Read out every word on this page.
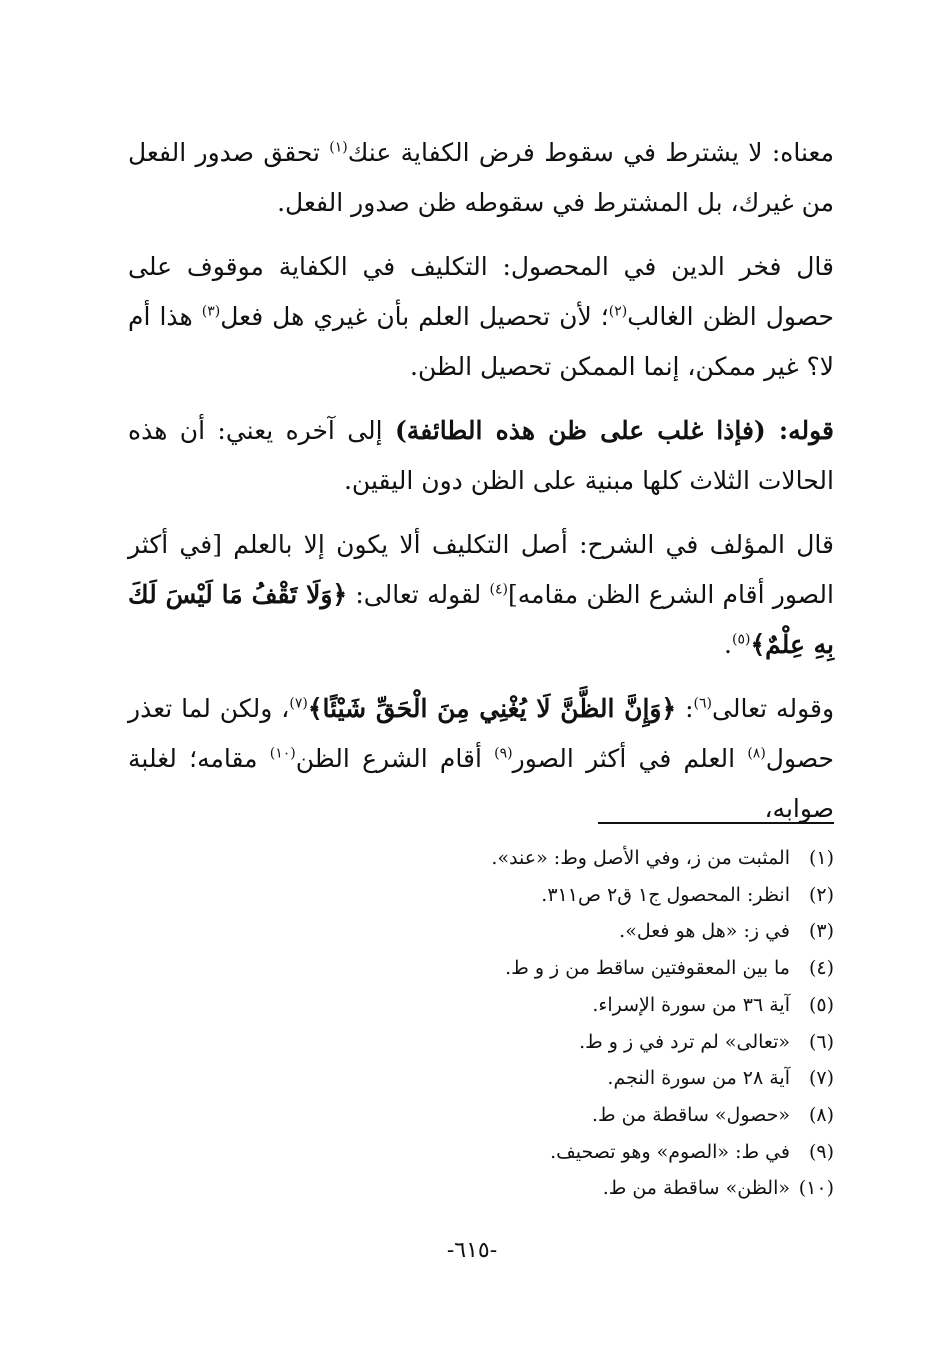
معناه: لا يشترط في سقوط فرض الكفاية عنك$^{(١)}$ تحقق صدور الفعل من غيرك، بل المشترط في سقوطه ظن صدور الفعل.

قال فخر الدين في المحصول: التكليف في الكفاية موقوف على حصول الظن الغالب$^{(٢)}$؛ لأن تحصيل العلم بأن غيري هل فعل$^{(٣)}$ هذا أم لا؟ غير ممكن، إنما الممكن تحصيل الظن.

قوله: (فإذا غلب على ظن هذه الطائفة) إلى آخره يعني: أن هذه الحالات الثلاث كلها مبنية على الظن دون اليقين.

قال المؤلف في الشرح: أصل التكليف ألا يكون إلا بالعلم [في أكثر الصور أقام الشرع الظن مقامه]$^{(٤)}$ لقوله تعالى: ﴿وَلَا تَقْفُ مَا لَيْسَ لَكَ بِهِ عِلْمٌ﴾$^{(٥)}$.

وقوله تعالى$^{(٦)}$: ﴿وَإِنَّ الظَّنَّ لَا يُغْنِي مِنَ الْحَقِّ شَيْئًا﴾$^{(٧)}$، ولكن لما تعذر حصول$^{(٨)}$ العلم في أكثر الصور$^{(٩)}$ أقام الشرع الظن$^{(١٠)}$ مقامه؛ لغلبة صوابه،

(١)المثبت من ز، وفي الأصل وط: «عند».
(٢)انظر: المحصول ج١ ق٢ ص٣١١.
(٣)في ز: «هل هو فعل».
(٤)ما بين المعقوفتين ساقط من ز و ط.
(٥)آية ٣٦ من سورة الإسراء.
(٦)«تعالى» لم ترد في ز و ط.
(٧)آية ٢٨ من سورة النجم.
(٨)«حصول» ساقطة من ط.
(٩)في ط: «الصوم» وهو تصحيف.
(١٠)«الظن» ساقطة من ط.
-٦١٥-
